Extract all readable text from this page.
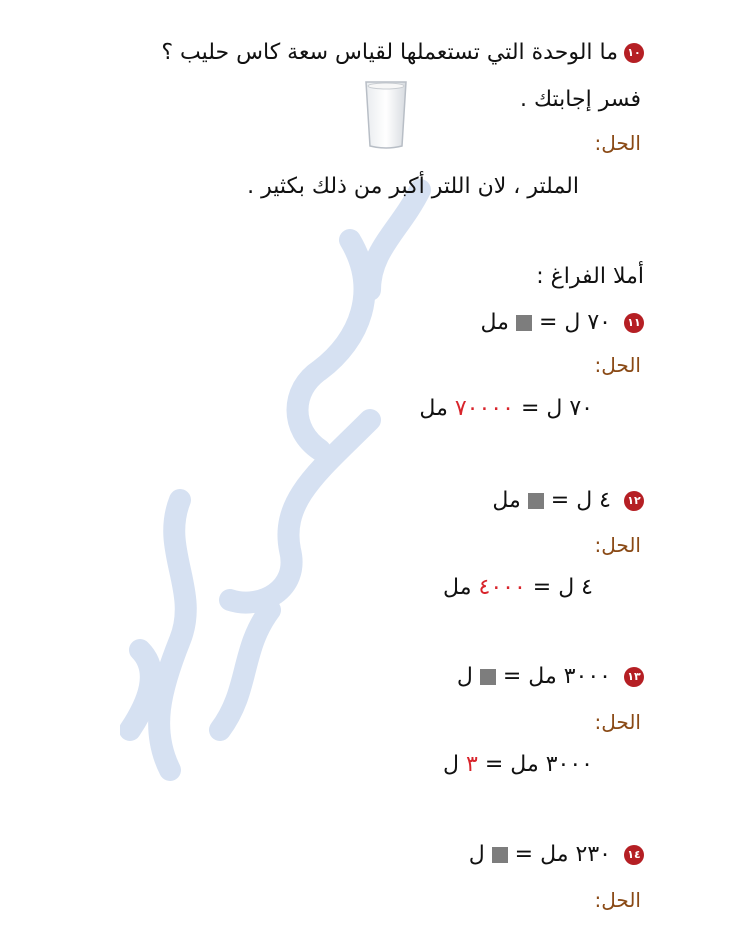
١٠ما الوحدة التي تستعملها لقياس سعة كاس حليب ؟
فسر إجابتك .
الحل:
الملتر ، لان اللتر أكبر من ذلك بكثير .
أملا الفراغ :
١١ ٧٠ ل =  مل
الحل:
٧٠ ل = ٧٠٠٠٠ مل
١٢ ٤ ل =  مل
الحل:
٤ ل = ٤٠٠٠ مل
١٣ ٣٠٠٠ مل =  ل
الحل:
٣٠٠٠ مل = ٣ ل
١٤ ٢٣٠ مل =  ل
الحل:
